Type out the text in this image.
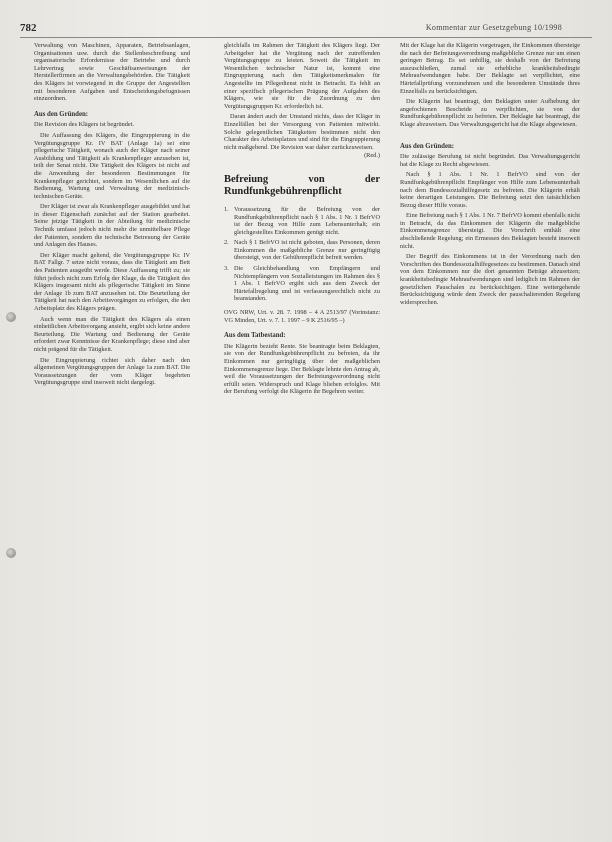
782	Kommentar zur Gesetzgebung 10/1998

Verwaltung von Maschinen, Apparaten, Betriebsanlagen, Organisationen usw. durch die Stellenbeschreibung und organisatorische Erfordernisse der Betriebe und durch Lehrvertrag sowie Geschäftsanweisungen der Herstellerfirmen an die Verwaltungsbehörden. Die Tätigkeit des Klägers ist vorwiegend in die Gruppe der Angestellten mit besonderen Aufgaben und Entscheidungsbefugnissen einzuordnen.

Aus den Gründen:

Die Revision des Klägers ist begründet.

Die Auffassung des Klägers, die Eingruppierung in die Vergütungsgruppe Kr. IV BAT (Anlage 1a) sei eine pflegerische Tätigkeit, wonach auch der Kläger nach seiner Ausbildung und Tätigkeit als Krankenpfleger anzusehen ist, teilt der Senat nicht. Die Tätigkeit des Klägers ist nicht auf die Anwendung der besonderen Bestimmungen für Krankenpfleger gerichtet, sondern im Wesentlichen auf die Bedienung, Wartung und Verwaltung der medizinisch-technischen Geräte.

Der Kläger ist zwar als Krankenpfleger ausgebildet und hat in dieser Eigenschaft zunächst auf der Station gearbeitet. Seine jetzige Tätigkeit in der Abteilung für medizinische Technik umfasst jedoch nicht mehr die unmittelbare Pflege der Patienten, sondern die technische Betreuung der Geräte und Anlagen des Hauses.

Der Kläger macht geltend, die Vergütungsgruppe Kr. IV BAT Fallgr. 7 setze nicht voraus, dass die Tätigkeit am Bett des Patienten ausgeübt werde. Diese Auffassung trifft zu; sie führt jedoch nicht zum Erfolg der Klage, da die Tätigkeit des Klägers insgesamt nicht als pflegerische Tätigkeit im Sinne der Anlage 1b zum BAT anzusehen ist. Die Beurteilung der Tätigkeit hat nach den Arbeitsvorgängen zu erfolgen, die den Arbeitsplatz des Klägers prägen.

Auch wenn man die Tätigkeit des Klägers als einen einheitlichen Arbeitsvorgang ansieht, ergibt sich keine andere Beurteilung. Die Wartung und Bedienung der Geräte erfordert zwar Kenntnisse der Krankenpflege; diese sind aber nicht prägend für die Tätigkeit.

Die Eingruppierung richtet sich daher nach den allgemeinen Vergütungsgruppen der Anlage 1a zum BAT. Die Voraussetzungen der vom Kläger begehrten Vergütungsgruppe sind insoweit nicht dargelegt.

gleichfalls im Rahmen der Tätigkeit des Klägers liegt. Der Arbeitgeber hat die Vergütung nach der zutreffenden Vergütungsgruppe zu leisten. Soweit die Tätigkeit im Wesentlichen technischer Natur ist, kommt eine Eingruppierung nach den Tätigkeitsmerkmalen für Angestellte im Pflegedienst nicht in Betracht. Es fehlt an einer spezifisch pflegerischen Prägung der Aufgaben des Klägers, wie sie für die Zuordnung zu den Vergütungsgruppen Kr. erforderlich ist.

Daran ändert auch der Umstand nichts, dass der Kläger in Einzelfällen bei der Versorgung von Patienten mitwirkt. Solche gelegentlichen Tätigkeiten bestimmen nicht den Charakter des Arbeitsplatzes und sind für die Eingruppierung nicht maßgebend. Die Revision war daher zurückzuweisen.

(Red.)
Befreiung von der Rundfunkgebührenpflicht
1. Voraussetzung für die Befreiung von der Rundfunkgebührenpflicht nach § 1 Abs. 1 Nr. 1 BefrVO ist der Bezug von Hilfe zum Lebensunterhalt; ein gleichgestelltes Einkommen genügt nicht.
2. Nach § 1 BefrVO ist nicht geboten, dass Personen, deren Einkommen die maßgebliche Grenze nur geringfügig übersteigt, von der Gebührenpflicht befreit werden.
3. Die Gleichbehandlung von Empfängern und Nichtempfängern von Sozialleistungen im Rahmen des § 1 Abs. 1 BefrVO ergibt sich aus dem Zweck der Härtefallregelung und ist verfassungsrechtlich nicht zu beanstanden.

OVG NRW, Urt. v. 28. 7. 1998 – 4 A 2513/97 (Vorinstanz: VG Minden, Urt. v. 7. 1. 1997 – 9 K 2516/95 –)

Aus dem Tatbestand:

Die Klägerin bezieht Rente. Sie beantragte beim Beklagten, sie von der Rundfunkgebührenpflicht zu befreien, da ihr Einkommen nur geringfügig über der maßgeblichen Einkommensgrenze liege. Der Beklagte lehnte den Antrag ab, weil die Voraussetzungen der Befreiungsverordnung nicht erfüllt seien. Widerspruch und Klage blieben erfolglos. Mit der Berufung verfolgt die Klägerin ihr Begehren weiter.

Mit der Klage hat die Klägerin vorgetragen, ihr Einkommen übersteige die nach der Befreiungsverordnung maßgebliche Grenze nur um einen geringen Betrag. Es sei unbillig, sie deshalb von der Befreiung auszuschließen, zumal sie erhebliche krankheitsbedingte Mehraufwendungen habe. Der Beklagte sei verpflichtet, eine Härtefallprüfung vorzunehmen und die besonderen Umstände ihres Einzelfalls zu berücksichtigen.

Die Klägerin hat beantragt, den Beklagten unter Aufhebung der angefochtenen Bescheide zu verpflichten, sie von der Rundfunkgebührenpflicht zu befreien. Der Beklagte hat beantragt, die Klage abzuweisen. Das Verwaltungsgericht hat die Klage abgewiesen.

Aus den Gründen:

Die zulässige Berufung ist nicht begründet. Das Verwaltungsgericht hat die Klage zu Recht abgewiesen.

Nach § 1 Abs. 1 Nr. 1 BefrVO sind von der Rundfunkgebührenpflicht Empfänger von Hilfe zum Lebensunterhalt nach dem Bundessozialhilfegesetz zu befreien. Die Klägerin erhält keine derartigen Leistungen. Die Befreiung setzt den tatsächlichen Bezug dieser Hilfe voraus.

Eine Befreiung nach § 1 Abs. 1 Nr. 7 BefrVO kommt ebenfalls nicht in Betracht, da das Einkommen der Klägerin die maßgebliche Einkommensgrenze übersteigt. Die Vorschrift enthält eine abschließende Regelung; ein Ermessen des Beklagten besteht insoweit nicht.

Der Begriff des Einkommens ist in der Verordnung nach den Vorschriften des Bundessozialhilfegesetzes zu bestimmen. Danach sind von dem Einkommen nur die dort genannten Beträge abzusetzen; krankheitsbedingte Mehraufwendungen sind lediglich im Rahmen der gesetzlichen Pauschalen zu berücksichtigen. Eine weitergehende Berücksichtigung würde dem Zweck der pauschalierenden Regelung widersprechen.
